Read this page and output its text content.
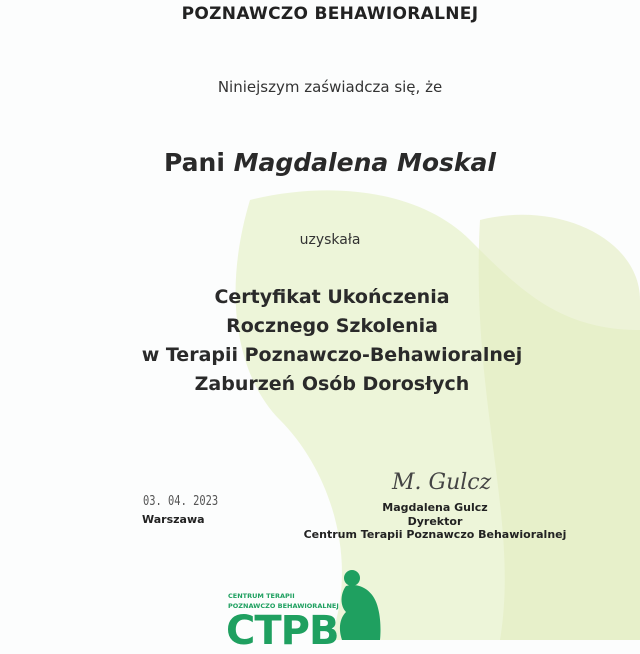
POZNAWCZO BEHAWIORALNEJ
Niniejszym zaświadcza się, że
Pani Magdalena Moskal
uzyskała
Certyfikat Ukończenia
Rocznego Szkolenia
w Terapii Poznawczo-Behawioralnej
Zaburzeń Osób Dorosłych
03. 04. 2023
Warszawa
M. Gulcz
Magdalena Gulcz
Dyrektor
Centrum Terapii Poznawczo Behawioralnej
CENTRUM TERAPII
POZNAWCZO BEHAWIORALNEJ
CTPB
